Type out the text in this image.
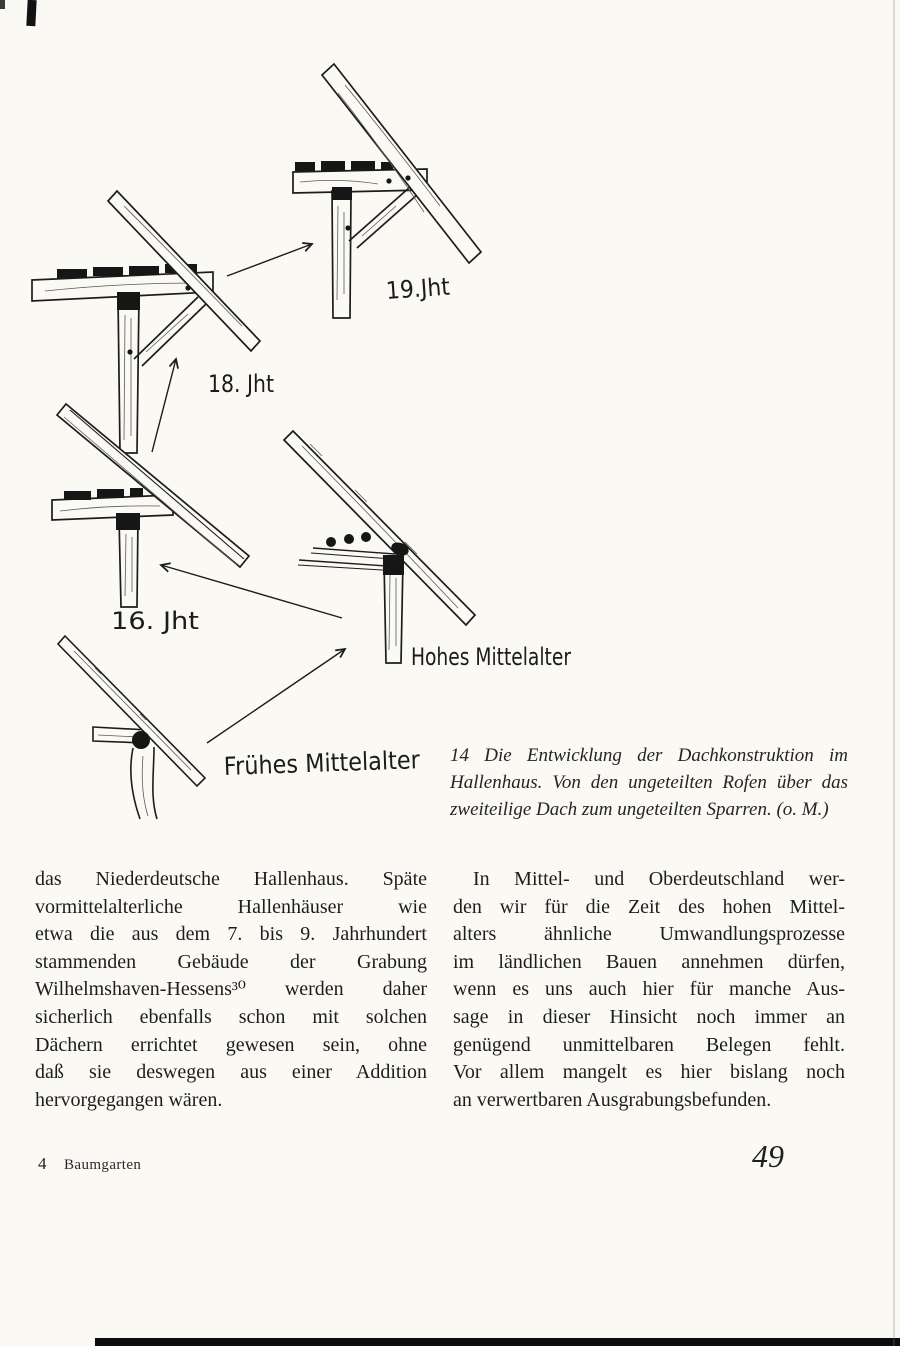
19.Jht
18. Jht
16. Jht
Hohes Mittelalter
Frühes Mittelalter 14 Die Entwicklung der Dachkonstruktion im
Hallenhaus. Von den ungeteilten Rofen über das
zweiteilige Dach zum ungeteilten Sparren. (o. M.)
das Niederdeutsche Hallenhaus. Späte
vormittelalterliche Hallenhäuser wie
etwa die aus dem 7. bis 9. Jahrhundert
stammenden Gebäude der Grabung
Wilhelmshaven-Hessens³⁰ werden daher
sicherlich ebenfalls schon mit solchen
Dächern errichtet gewesen sein, ohne
daß sie deswegen aus einer Addition
hervorgegangen wären.
 In Mittel- und Oberdeutschland wer-
den wir für die Zeit des hohen Mittel-
alters ähnliche Umwandlungsprozesse
im ländlichen Bauen annehmen dürfen,
wenn es uns auch hier für manche Aus-
sage in dieser Hinsicht noch immer an
genügend unmittelbaren Belegen fehlt.
Vor allem mangelt es hier bislang noch
an verwertbaren Ausgrabungsbefunden.
4 Baumgarten	49
